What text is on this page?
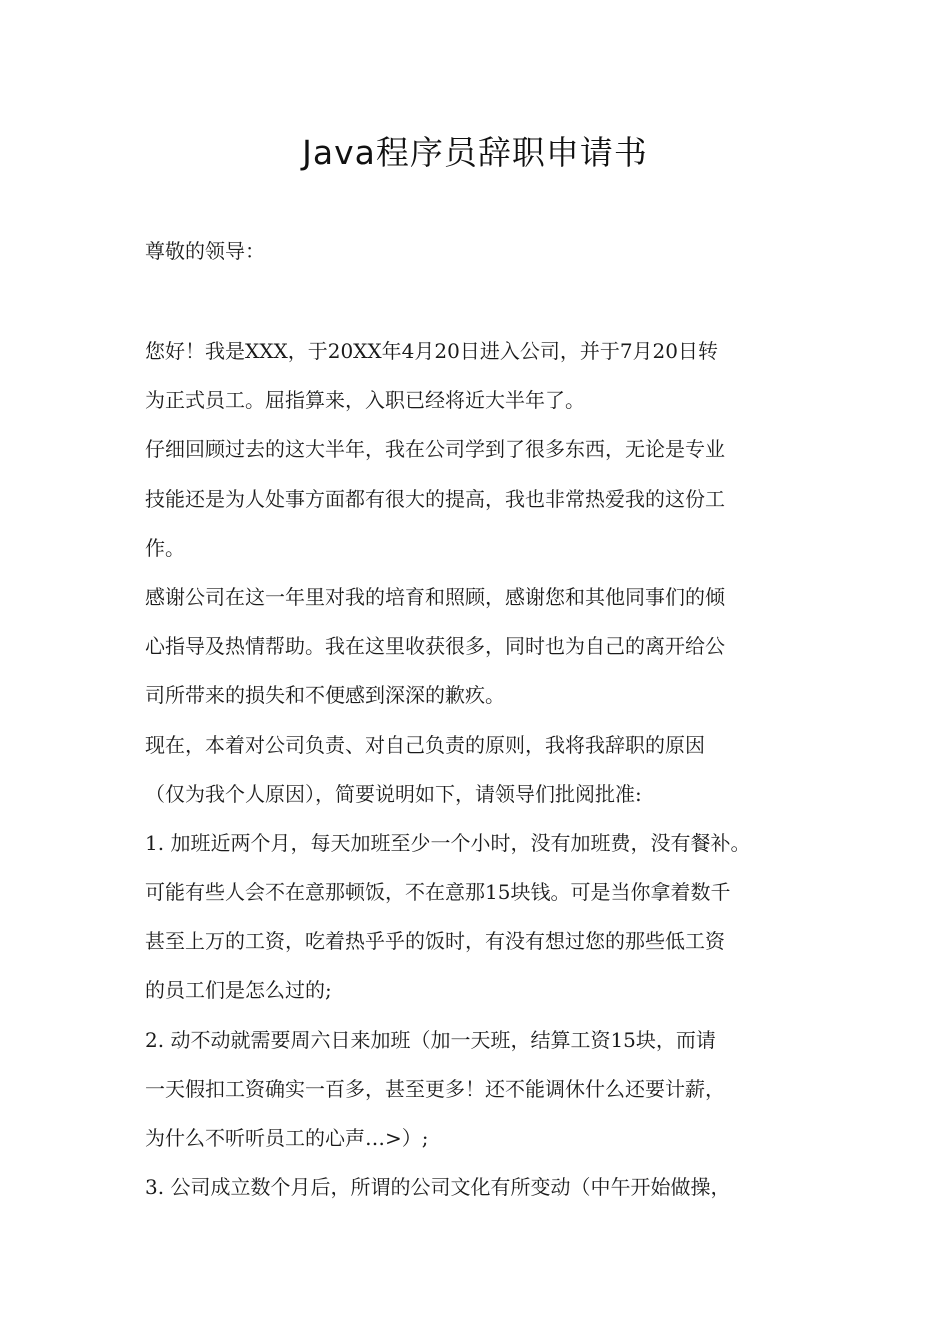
Java程序员辞职申请书
尊敬的领导：
您好！我是XXX，于20XX年4月20日进入公司，并于7月20日转
为正式员工。屈指算来，入职已经将近大半年了。
仔细回顾过去的这大半年，我在公司学到了很多东西，无论是专业
技能还是为人处事方面都有很大的提高，我也非常热爱我的这份工
作。
感谢公司在这一年里对我的培育和照顾，感谢您和其他同事们的倾
心指导及热情帮助。我在这里收获很多，同时也为自己的离开给公
司所带来的损失和不便感到深深的歉疚。
现在，本着对公司负责、对自己负责的原则，我将我辞职的原因
（仅为我个人原因），简要说明如下，请领导们批阅批准:
1. 加班近两个月，每天加班至少一个小时，没有加班费，没有餐补。
可能有些人会不在意那顿饭，不在意那15块钱。可是当你拿着数千
甚至上万的工资，吃着热乎乎的饭时，有没有想过您的那些低工资
的员工们是怎么过的;
2. 动不动就需要周六日来加班（加一天班，结算工资15块，而请
一天假扣工资确实一百多，甚至更多！还不能调休什么还要计薪，
为什么不听听员工的心声…>）;
3. 公司成立数个月后，所谓的公司文化有所变动（中午开始做操，
